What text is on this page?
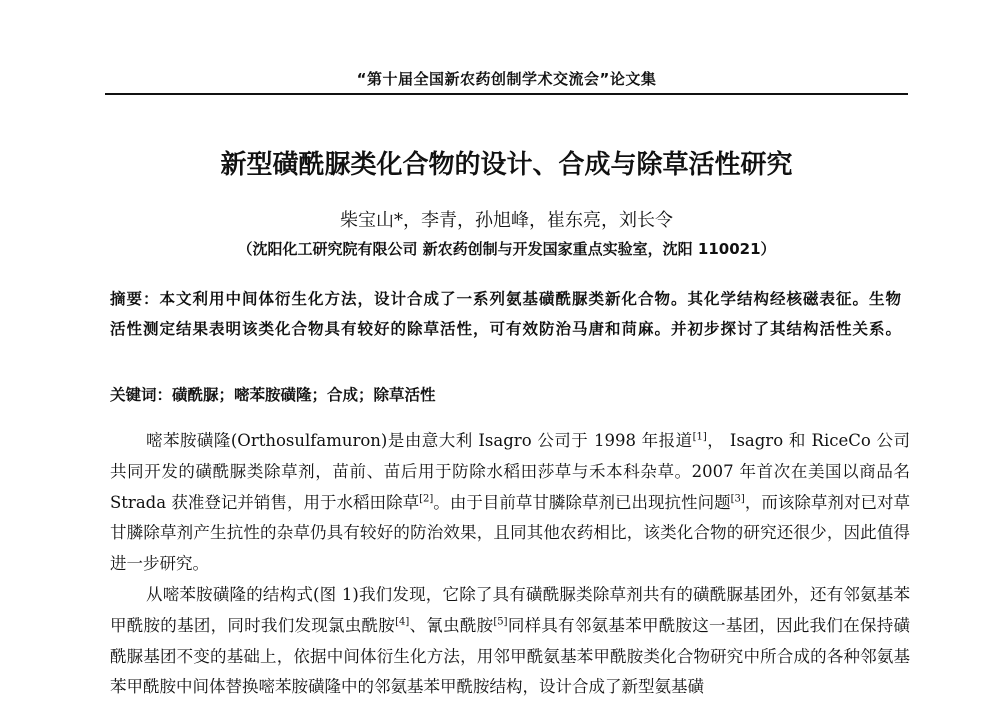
“第十届全国新农药创制学术交流会”论文集
新型磺酰脲类化合物的设计、合成与除草活性研究
柴宝山*，李青，孙旭峰，崔东亮，刘长令
（沈阳化工研究院有限公司 新农药创制与开发国家重点实验室，沈阳 110021）
摘要：本文利用中间体衍生化方法，设计合成了一系列氨基磺酰脲类新化合物。其化学结构经核磁表征。生物活性测定结果表明该类化合物具有较好的除草活性，可有效防治马唐和苘麻。并初步探讨了其结构活性关系。
关键词：磺酰脲；嘧苯胺磺隆；合成；除草活性

嘧苯胺磺隆(Orthosulfamuron)是由意大利 Isagro 公司于 1998 年报道[1]， Isagro 和 RiceCo 公司共同开发的磺酰脲类除草剂，苗前、苗后用于防除水稻田莎草与禾本科杂草。2007 年首次在美国以商品名 Strada 获准登记并销售，用于水稻田除草[2]。由于目前草甘膦除草剂已出现抗性问题[3]，而该除草剂对已对草甘膦除草剂产生抗性的杂草仍具有较好的防治效果，且同其他农药相比，该类化合物的研究还很少，因此值得进一步研究。

从嘧苯胺磺隆的结构式(图 1)我们发现，它除了具有磺酰脲类除草剂共有的磺酰脲基团外，还有邻氨基苯甲酰胺的基团，同时我们发现氯虫酰胺[4]、氰虫酰胺[5]同样具有邻氨基苯甲酰胺这一基团，因此我们在保持磺酰脲基团不变的基础上，依据中间体衍生化方法，用邻甲酰氨基苯甲酰胺类化合物研究中所合成的各种邻氨基苯甲酰胺中间体替换嘧苯胺磺隆中的邻氨基苯甲酰胺结构，设计合成了新型氨基磺
